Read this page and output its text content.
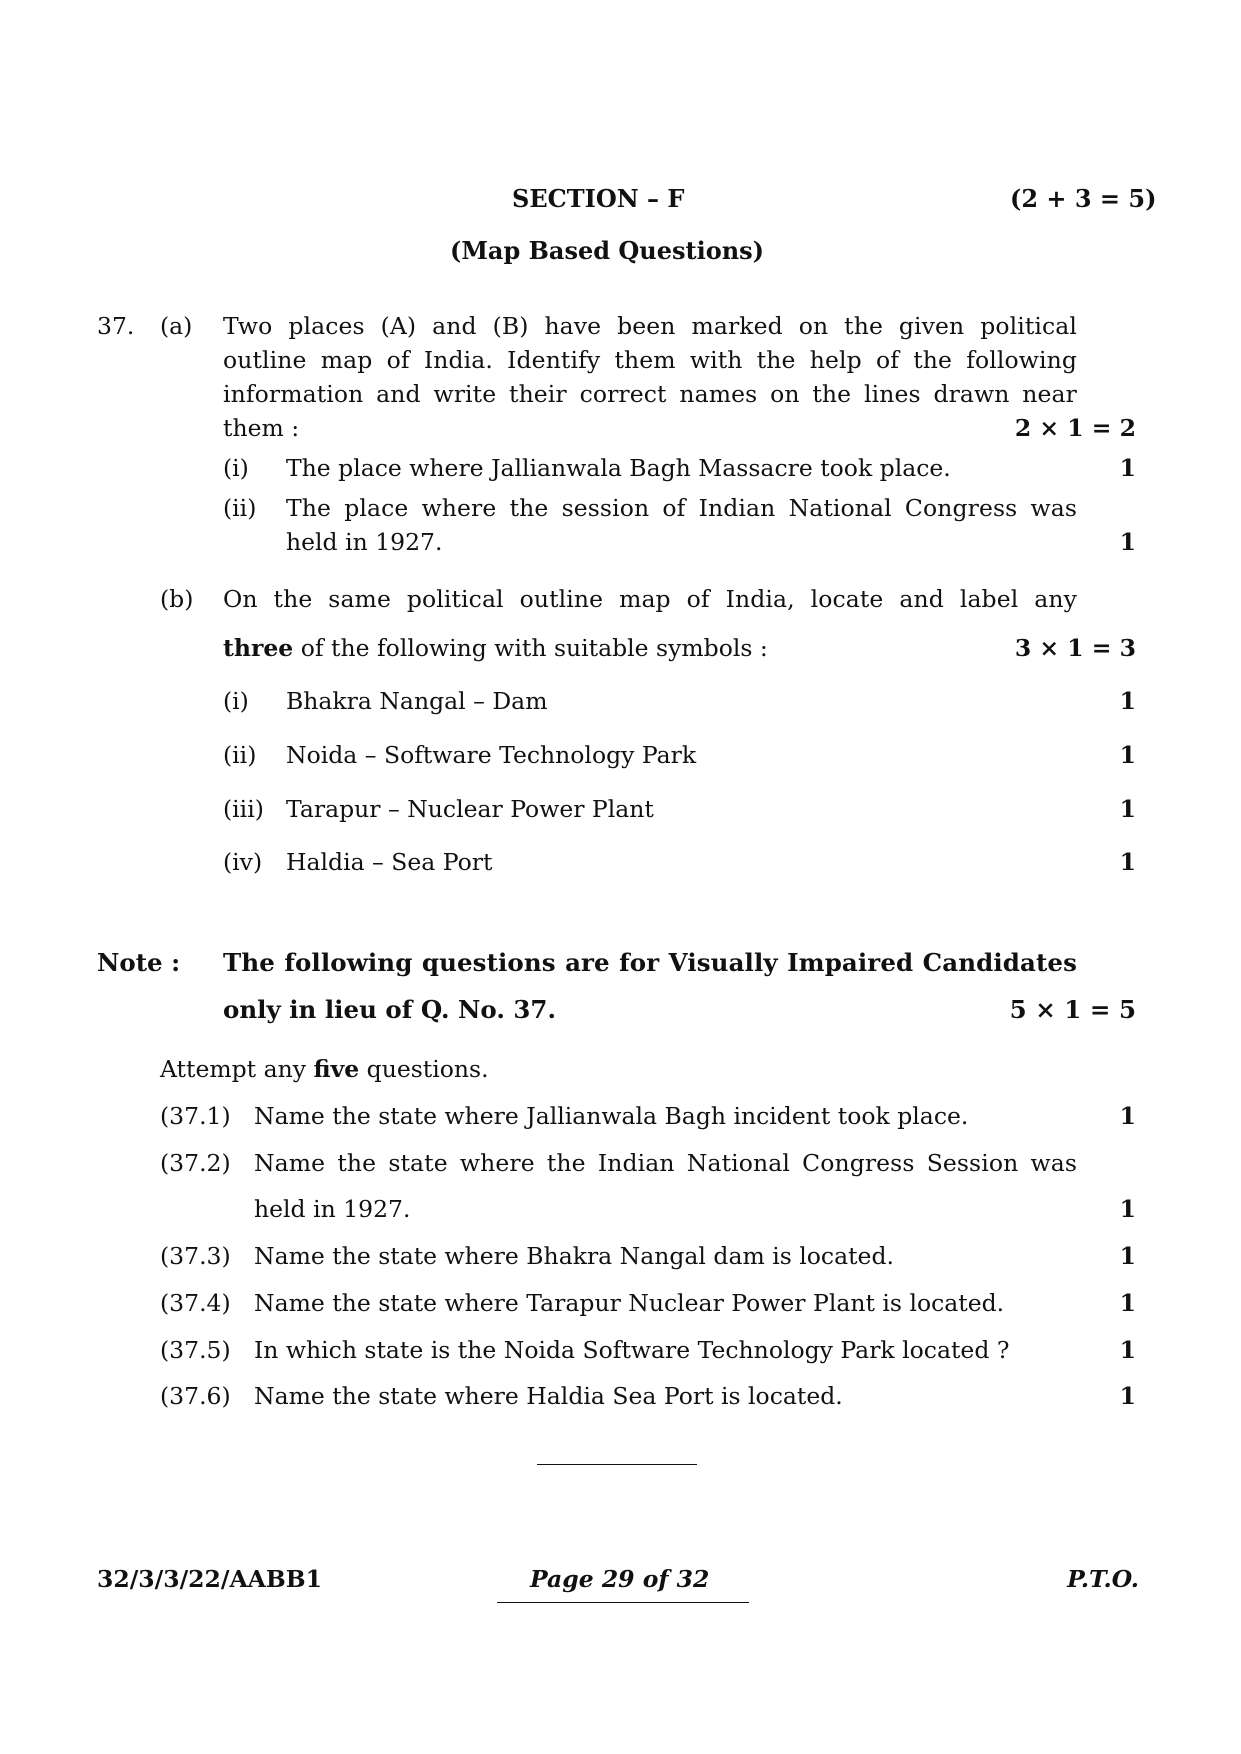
SECTION – F	(2 + 3 = 5)
(Map Based Questions)
37. (a) Two places (A) and (B) have been marked on the given political
outline map of India. Identify them with the help of the following
information and write their correct names on the lines drawn near
them :	2 × 1 = 2
(i) The place where Jallianwala Bagh Massacre took place.	1
(ii) The place where the session of Indian National Congress was
held in 1927.	1
(b) On the same political outline map of India, locate and label any
three of the following with suitable symbols :	3 × 1 = 3
(i) Bhakra Nangal – Dam	1
(ii) Noida – Software Technology Park	1
(iii) Tarapur – Nuclear Power Plant	1
(iv) Haldia – Sea Port	1
Note : The following questions are for Visually Impaired Candidates
only in lieu of Q. No. 37.	5 × 1 = 5
Attempt any five questions.
(37.1) Name the state where Jallianwala Bagh incident took place.	1
(37.2) Name the state where the Indian National Congress Session was
held in 1927.	1
(37.3) Name the state where Bhakra Nangal dam is located.	1
(37.4) Name the state where Tarapur Nuclear Power Plant is located.	1
(37.5) In which state is the Noida Software Technology Park located ?	1
(37.6) Name the state where Haldia Sea Port is located.	1
32/3/3/22/AABB1	Page 29 of 32	P.T.O.
